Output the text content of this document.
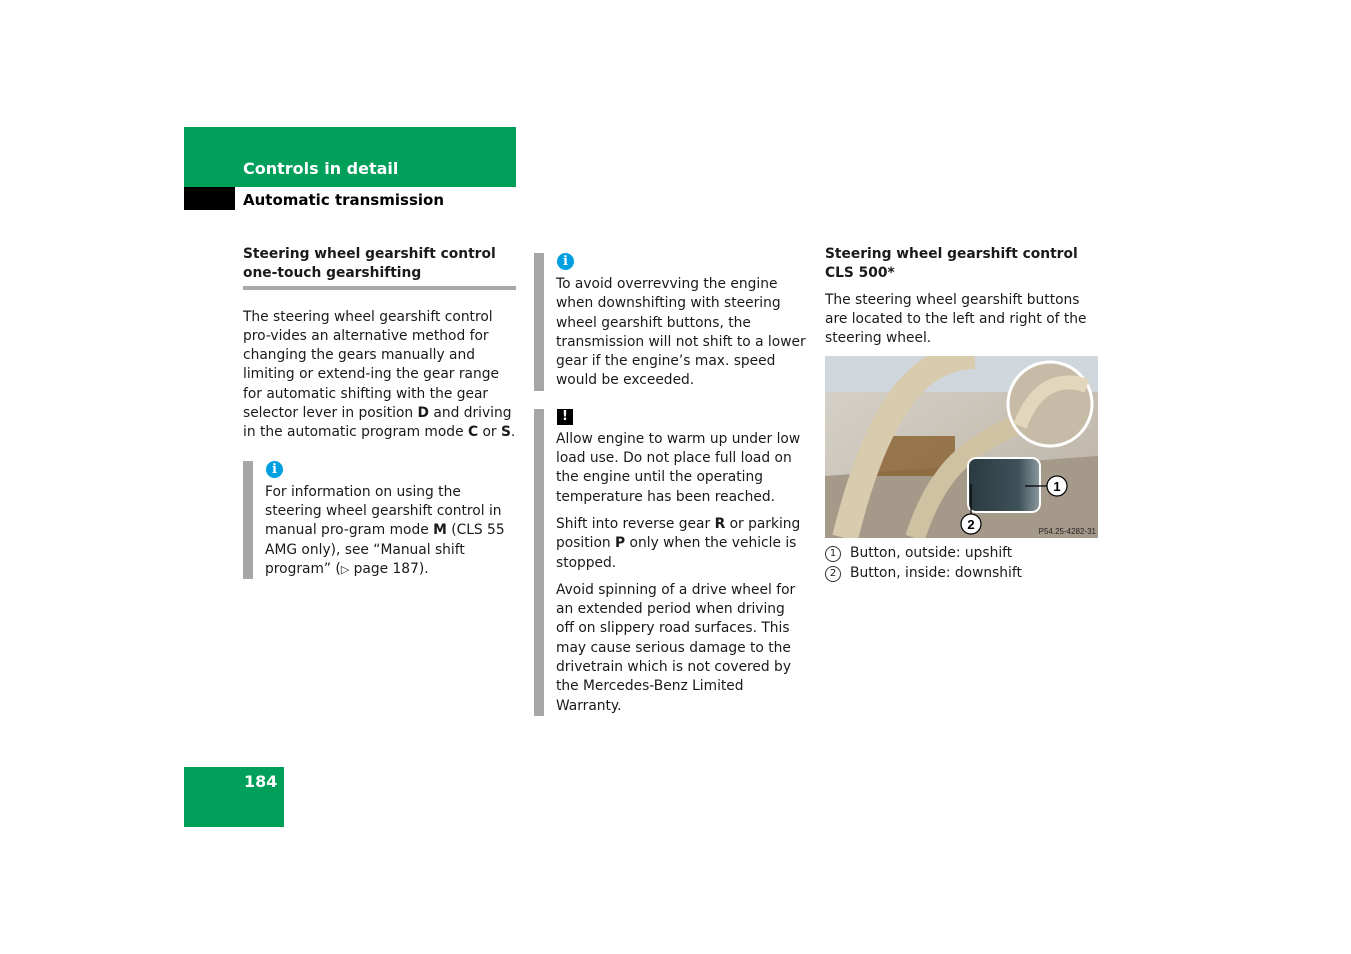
Controls in detail
Automatic transmission
Steering wheel gearshift control
one-touch gearshifting

The steering wheel gearshift control pro-vides an alternative method for changing the gears manually and limiting or extend-ing the gear range for automatic shifting with the gear selector lever in position D and driving in the automatic program mode C or S.

i

For information on using the steering wheel gearshift control in manual pro-gram mode M (CLS 55 AMG only), see “Manual shift program” (▷ page 187).

i

To avoid overrevving the engine when downshifting with steering wheel gearshift buttons, the transmission will not shift to a lower gear if the engine’s max. speed would be exceeded.

!

Allow engine to warm up under low load use. Do not place full load on the engine until the operating temperature has been reached.

Shift into reverse gear R or parking position P only when the vehicle is stopped.

Avoid spinning of a drive wheel for an extended period when driving off on slippery road surfaces. This may cause serious damage to the drivetrain which is not covered by the Mercedes-Benz Limited Warranty.

Steering wheel gearshift control
CLS 500*

The steering wheel gearshift buttons are located to the left and right of the steering wheel.

1
2	P54.25-4282-31
1 Button, outside: upshift
2 Button, inside: downshift
184
